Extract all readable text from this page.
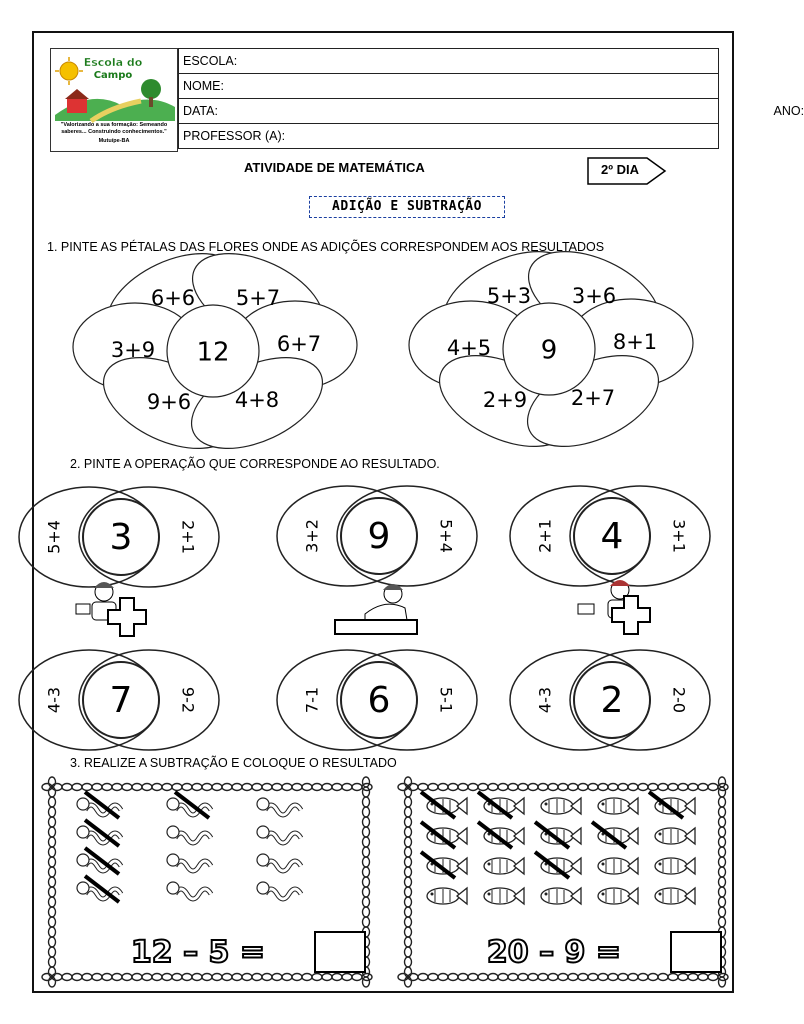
Escola do
Campo
"Valorizando a sua formação: Semeando saberes... Construindo conhecimentos."
Mutuípe-BA
ESCOLA:
NOME:
DATA:	ANO:

PROFESSOR (A):
ATIVIDADE DE MATEMÁTICA	2º DIA
ADIÇÃO E SUBTRAÇÃO
1. PINTE AS PÉTALAS DAS FLORES ONDE AS ADIÇÕES CORRESPONDEM AOS RESULTADOS
2. PINTE A OPERAÇÃO QUE CORRESPONDE AO RESULTADO.
3. REALIZE A SUBTRAÇÃO E COLOQUE O RESULTADO
6+6 5+7
3+9	6+7
9+6 4+8
12
5+3 3+6
4+5	8+1
2+9 2+7
9
3
5+4	2+1	9
3+2	5+4	4
2+1	3+1
7
4-3	9-2	6
7-1	5-1	2
4-3	2-0
12 – 5 =	20 – 9 =
